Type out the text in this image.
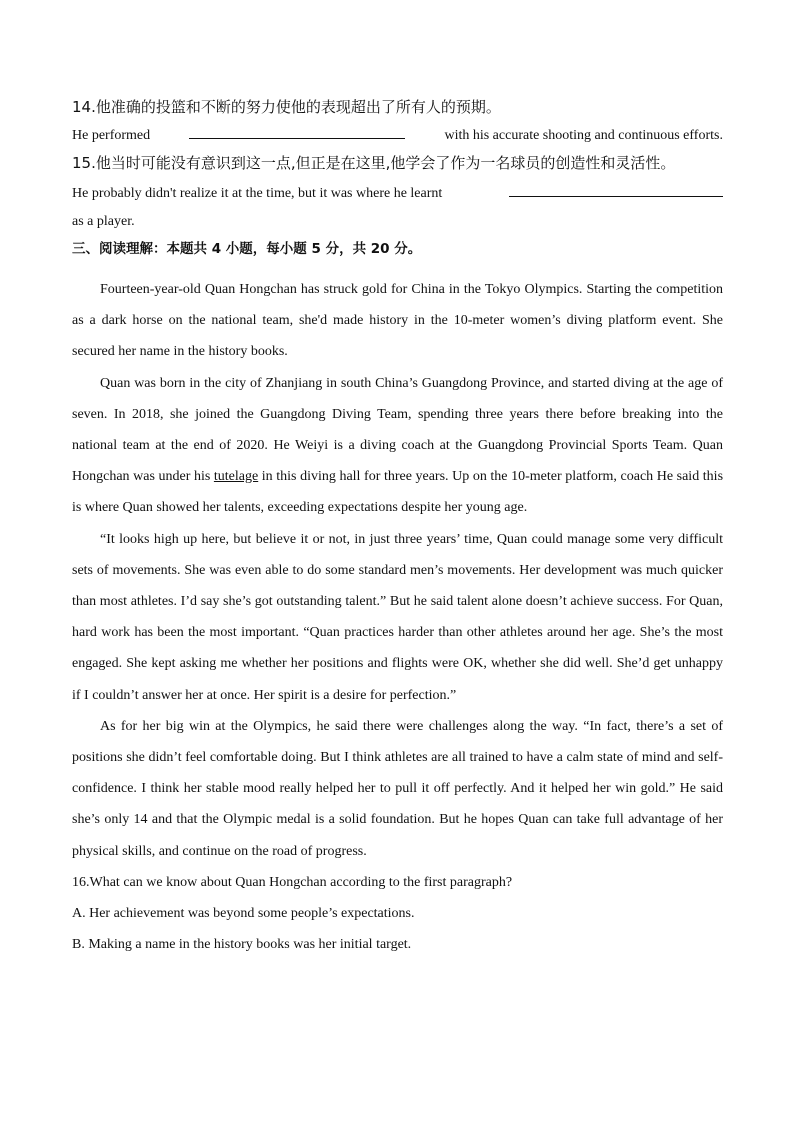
14.他准确的投篮和不断的努力使他的表现超出了所有人的预期。
He performed	with his accurate shooting and continuous efforts.
15.他当时可能没有意识到这一点,但正是在这里,他学会了作为一名球员的创造性和灵活性。
He probably didn't realize it at the time, but it was where he learnt
as a player.
三、阅读理解：本题共 4 小题，每小题 5 分，共 20 分。

Fourteen-year-old Quan Hongchan has struck gold for China in the Tokyo Olympics. Starting the competition as a dark horse on the national team, she'd made history in the 10-meter women’s diving platform event. She secured her name in the history books.

Quan was born in the city of Zhanjiang in south China’s Guangdong Province, and started diving at the age of seven. In 2018, she joined the Guangdong Diving Team, spending three years there before breaking into the national team at the end of 2020. He Weiyi is a diving coach at the Guangdong Provincial Sports Team. Quan Hongchan was under his tutelage in this diving hall for three years. Up on the 10-meter platform, coach He said this is where Quan showed her talents, exceeding expectations despite her young age.

“It looks high up here, but believe it or not, in just three years’ time, Quan could manage some very difficult sets of movements. She was even able to do some standard men’s movements. Her development was much quicker than most athletes. I’d say she’s got outstanding talent.” But he said talent alone doesn’t achieve success. For Quan, hard work has been the most important. “Quan practices harder than other athletes around her age. She’s the most engaged. She kept asking me whether her positions and flights were OK, whether she did well. She’d get unhappy if I couldn’t answer her at once. Her spirit is a desire for perfection.”

As for her big win at the Olympics, he said there were challenges along the way. “In fact, there’s a set of positions she didn’t feel comfortable doing. But I think athletes are all trained to have a calm state of mind and self-confidence. I think her stable mood really helped her to pull it off perfectly. And it helped her win gold.” He said she’s only 14 and that the Olympic medal is a solid foundation. But he hopes Quan can take full advantage of her physical skills, and continue on the road of progress.

16.What can we know about Quan Hongchan according to the first paragraph?

A. Her achievement was beyond some people’s expectations.

B. Making a name in the history books was her initial target.
